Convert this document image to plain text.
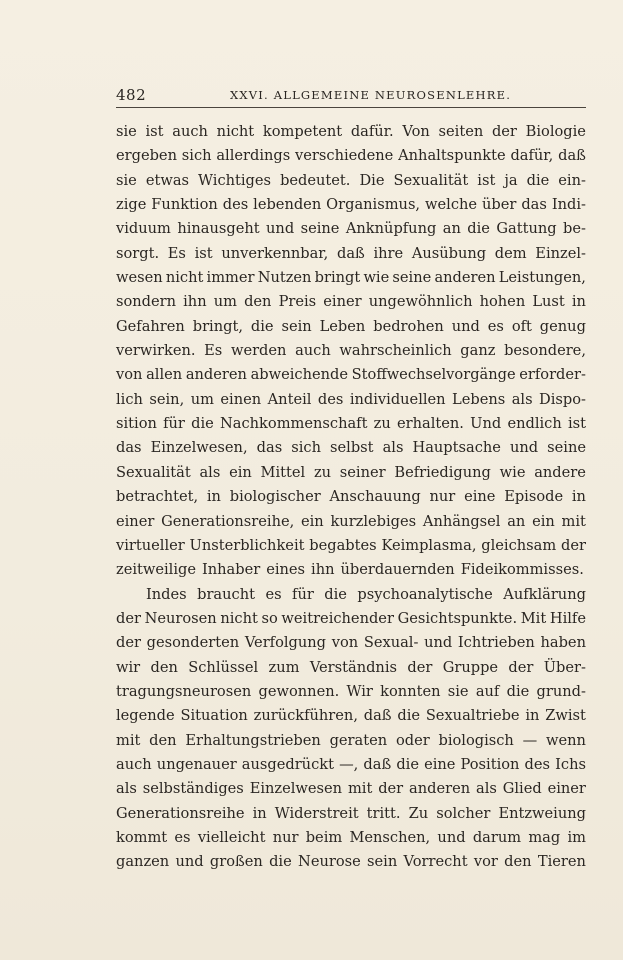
482	XXVI. ALLGEMEINE NEUROSENLEHRE.
sie ist auch nicht kompetent dafür. Von seiten der Biologie
ergeben sich allerdings verschiedene Anhaltspunkte dafür, daß
sie etwas Wichtiges bedeutet. Die Sexualität ist ja die ein-
zige Funktion des lebenden Organismus, welche über das Indi-
viduum hinausgeht und seine Anknüpfung an die Gattung be-
sorgt. Es ist unverkennbar, daß ihre Ausübung dem Einzel-
wesen nicht immer Nutzen bringt wie seine anderen Leistungen,
sondern ihn um den Preis einer ungewöhnlich hohen Lust in
Gefahren bringt, die sein Leben bedrohen und es oft genug
verwirken. Es werden auch wahrscheinlich ganz besondere,
von allen anderen abweichende Stoffwechselvorgänge erforder-
lich sein, um einen Anteil des individuellen Lebens als Dispo-
sition für die Nachkommenschaft zu erhalten. Und endlich ist
das Einzelwesen, das sich selbst als Hauptsache und seine
Sexualität als ein Mittel zu seiner Befriedigung wie andere
betrachtet, in biologischer Anschauung nur eine Episode in
einer Generationsreihe, ein kurzlebiges Anhängsel an ein mit
virtueller Unsterblichkeit begabtes Keimplasma, gleichsam der
zeitweilige Inhaber eines ihn überdauernden Fideikommisses.
Indes braucht es für die psychoanalytische Aufklärung
der Neurosen nicht so weitreichender Gesichtspunkte. Mit Hilfe
der gesonderten Verfolgung von Sexual- und Ichtrieben haben
wir den Schlüssel zum Verständnis der Gruppe der Über-
tragungsneurosen gewonnen. Wir konnten sie auf die grund-
legende Situation zurückführen, daß die Sexualtriebe in Zwist
mit den Erhaltungstrieben geraten oder biologisch — wenn
auch ungenauer ausgedrückt —, daß die eine Position des Ichs
als selbständiges Einzelwesen mit der anderen als Glied einer
Generationsreihe in Widerstreit tritt. Zu solcher Entzweiung
kommt es vielleicht nur beim Menschen, und darum mag im
ganzen und großen die Neurose sein Vorrecht vor den Tieren
